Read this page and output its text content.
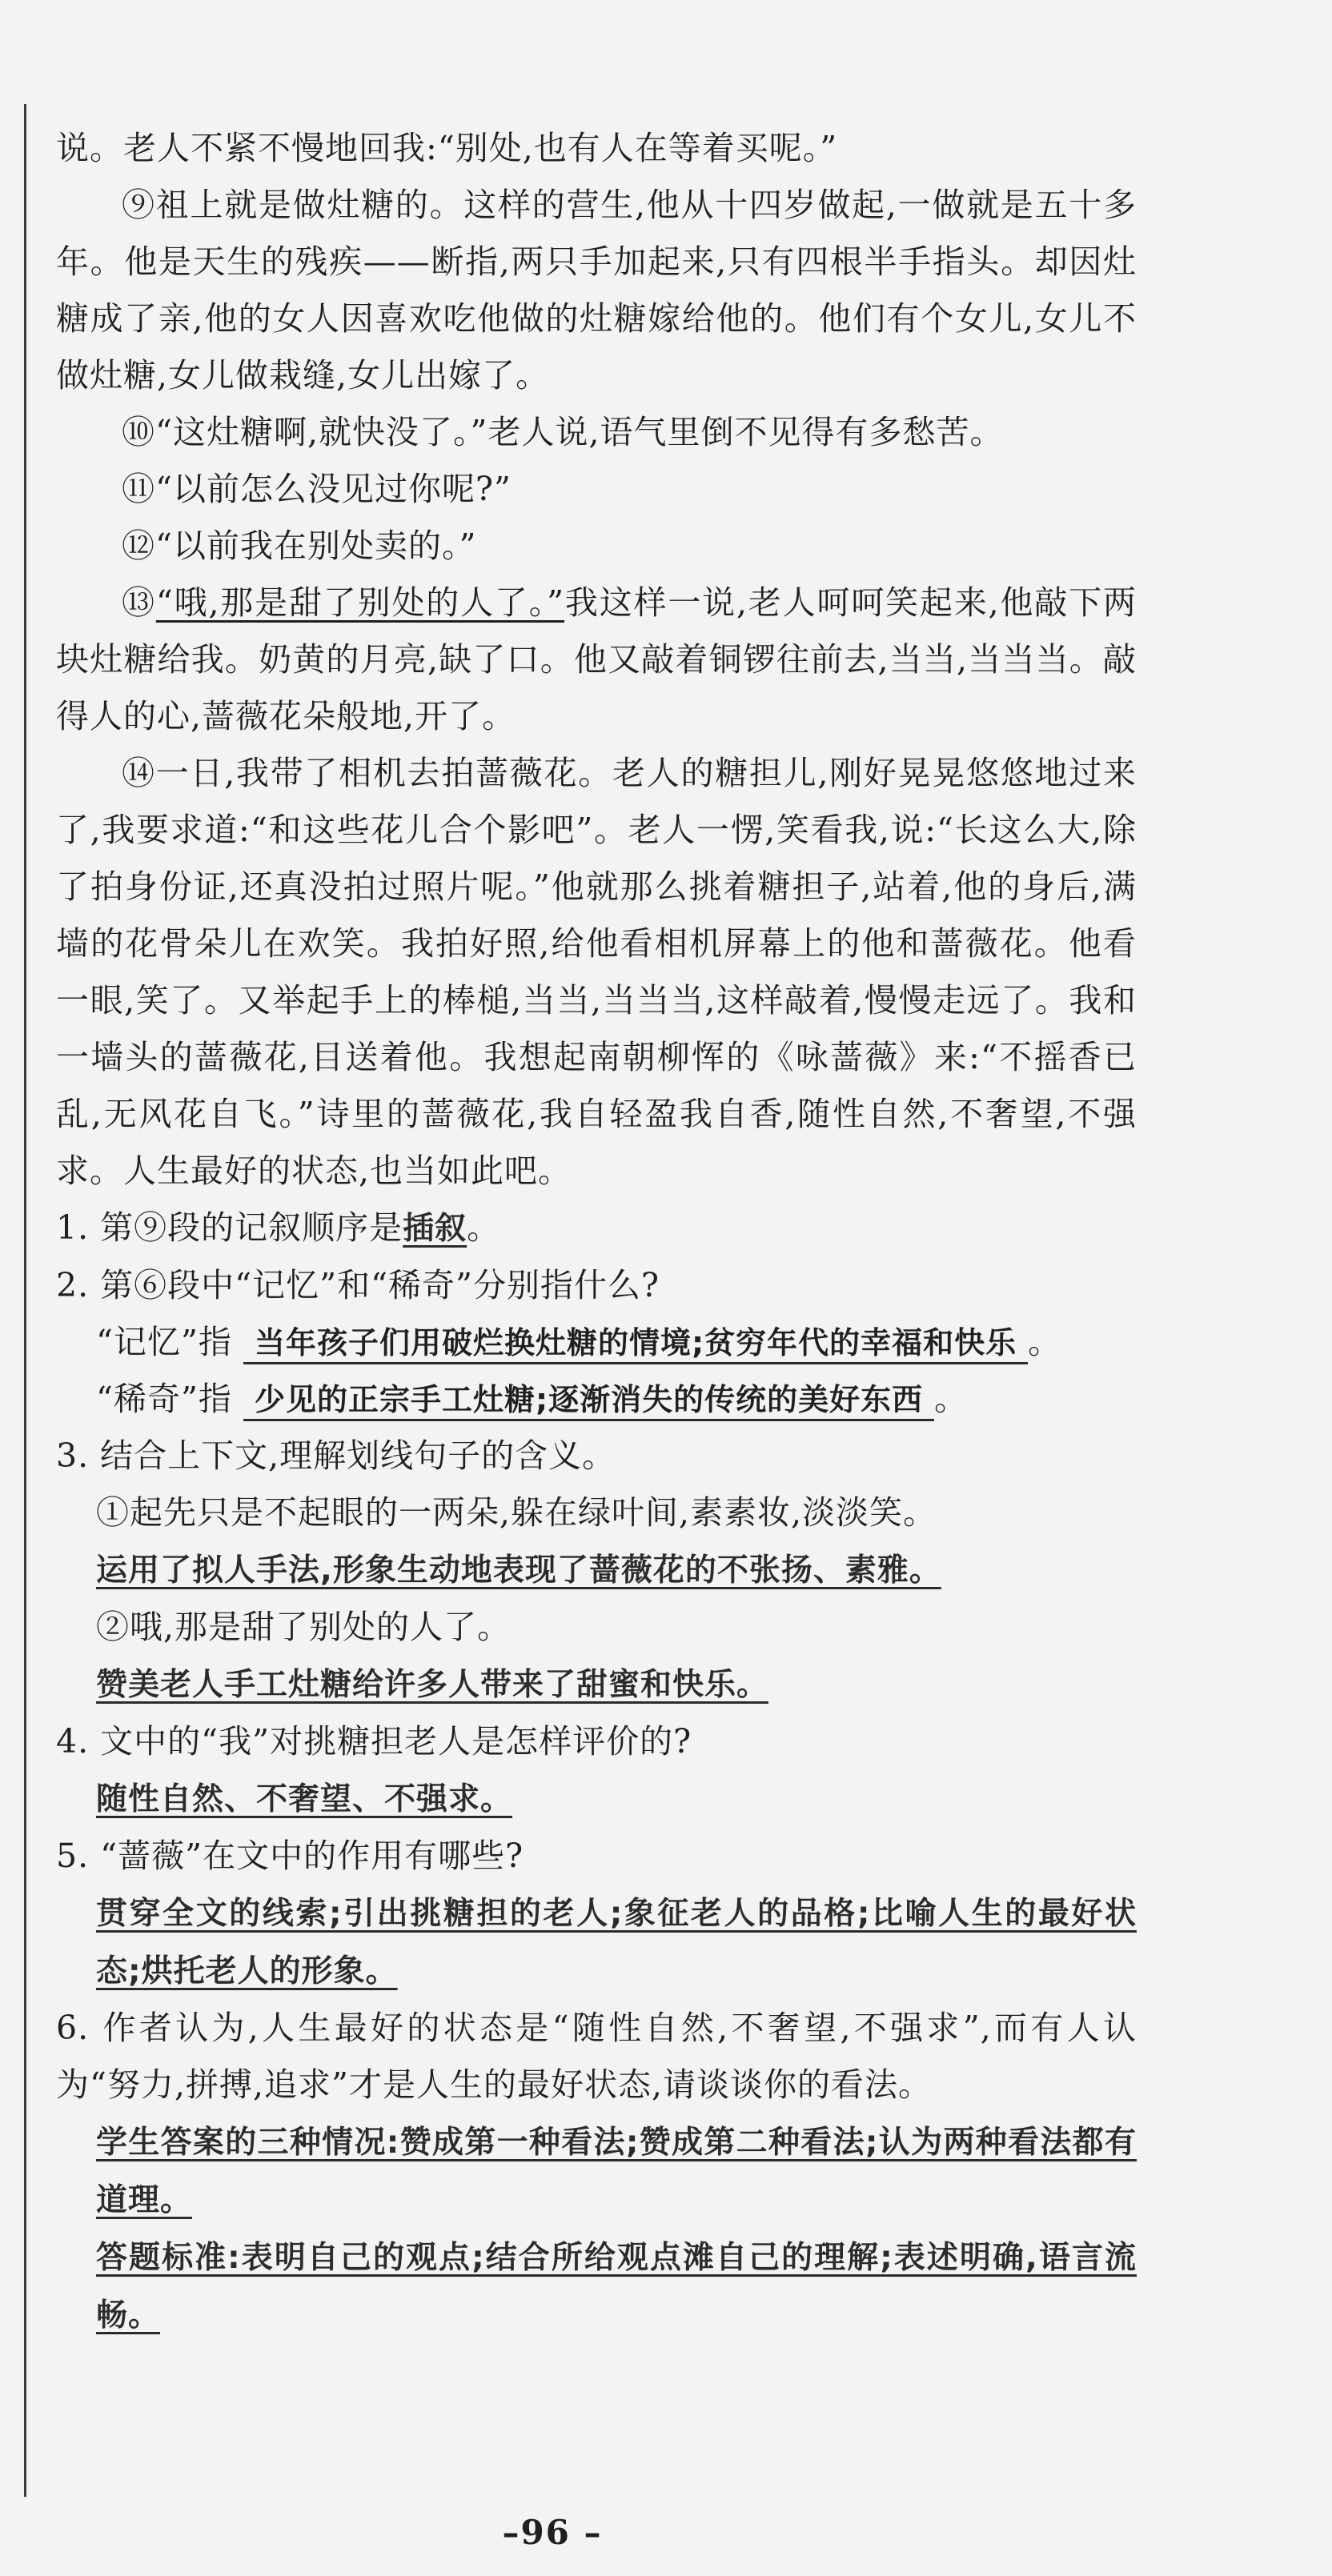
说。老人不紧不慢地回我:“别处,也有人在等着买呢。”

⑨祖上就是做灶糖的。这样的营生,他从十四岁做起,一做就是五十多年。他是天生的残疾——断指,两只手加起来,只有四根半手指头。却因灶糖成了亲,他的女人因喜欢吃他做的灶糖嫁给他的。他们有个女儿,女儿不做灶糖,女儿做栽缝,女儿出嫁了。

⑩“这灶糖啊,就快没了。”老人说,语气里倒不见得有多愁苦。

⑪“以前怎么没见过你呢?”

⑫“以前我在别处卖的。”

⑬“哦,那是甜了别处的人了。”我这样一说,老人呵呵笑起来,他敲下两块灶糖给我。奶黄的月亮,缺了口。他又敲着铜锣往前去,当当,当当当。敲得人的心,蔷薇花朵般地,开了。

⑭一日,我带了相机去拍蔷薇花。老人的糖担儿,刚好晃晃悠悠地过来了,我要求道:“和这些花儿合个影吧”。老人一愣,笑看我,说:“长这么大,除了拍身份证,还真没拍过照片呢。”他就那么挑着糖担子,站着,他的身后,满墙的花骨朵儿在欢笑。我拍好照,给他看相机屏幕上的他和蔷薇花。他看一眼,笑了。又举起手上的棒槌,当当,当当当,这样敲着,慢慢走远了。我和一墙头的蔷薇花,目送着他。我想起南朝柳恽的《咏蔷薇》来:“不摇香已乱,无风花自飞。”诗里的蔷薇花,我自轻盈我自香,随性自然,不奢望,不强求。人生最好的状态,也当如此吧。

1. 第⑨段的记叙顺序是插叙。

2. 第⑥段中“记忆”和“稀奇”分别指什么?

“记忆”指 当年孩子们用破烂换灶糖的情境;贫穷年代的幸福和快乐 。

“稀奇”指 少见的正宗手工灶糖;逐渐消失的传统的美好东西 。

3. 结合上下文,理解划线句子的含义。

①起先只是不起眼的一两朵,躲在绿叶间,素素妆,淡淡笑。

运用了拟人手法,形象生动地表现了蔷薇花的不张扬、素雅。

②哦,那是甜了别处的人了。

赞美老人手工灶糖给许多人带来了甜蜜和快乐。

4. 文中的“我”对挑糖担老人是怎样评价的?

随性自然、不奢望、不强求。

5. “蔷薇”在文中的作用有哪些?

贯穿全文的线索;引出挑糖担的老人;象征老人的品格;比喻人生的最好状态;烘托老人的形象。

6. 作者认为,人生最好的状态是“随性自然,不奢望,不强求”,而有人认为“努力,拼搏,追求”才是人生的最好状态,请谈谈你的看法。

学生答案的三种情况:赞成第一种看法;赞成第二种看法;认为两种看法都有道理。

答题标准:表明自己的观点;结合所给观点滩自己的理解;表述明确,语言流畅。

–96 –
